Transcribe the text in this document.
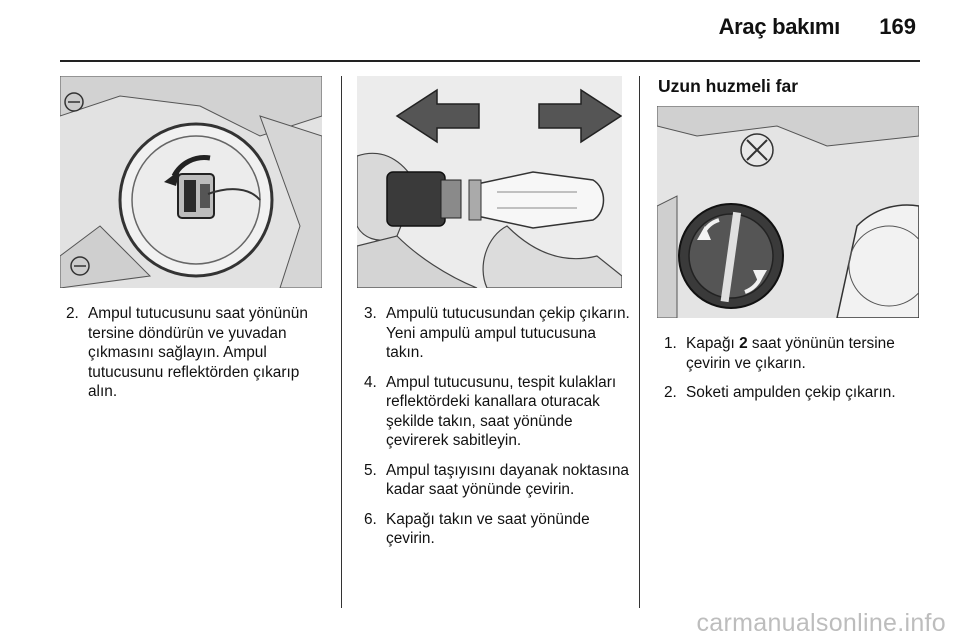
Araç bakımı 169
2. Ampul tutucusunu saat yönünün tersine döndürün ve yuvadan çıkmasını sağlayın. Ampul tutucusunu reflektörden çıkarıp alın.
3. Ampulü tutucusundan çekip çıkarın. Yeni ampulü ampul tutucusuna takın.
4. Ampul tutucusunu, tespit kulakları reflektördeki kanallara oturacak şekilde takın, saat yönünde çevirerek sabitleyin.
5. Ampul taşıyısını dayanak noktasına kadar saat yönünde çevirin.
6. Kapağı takın ve saat yönünde çevirin.
Uzun huzmeli far
1. Kapağı 2 saat yönünün tersine çevirin ve çıkarın.
2. Soketi ampulden çekip çıkarın.
carmanualsonline.info
